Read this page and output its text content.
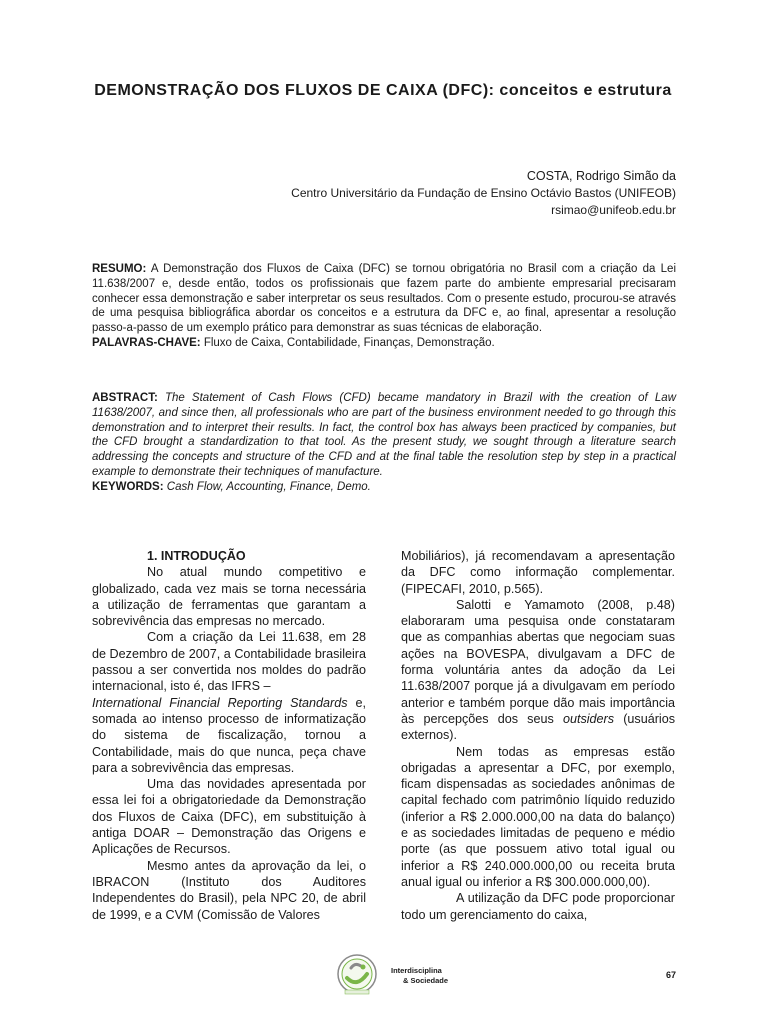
DEMONSTRAÇÃO DOS FLUXOS DE CAIXA (DFC): conceitos e estrutura
COSTA, Rodrigo Simão da
Centro Universitário da Fundação de Ensino Octávio Bastos (UNIFEOB)
rsimao@unifeob.edu.br

RESUMO: A Demonstração dos Fluxos de Caixa (DFC) se tornou obrigatória no Brasil com a criação da Lei 11.638/2007 e, desde então, todos os profissionais que fazem parte do ambiente empresarial precisaram conhecer essa demonstração e saber interpretar os seus resultados. Com o presente estudo, procurou-se através de uma pesquisa bibliográfica abordar os conceitos e a estrutura da DFC e, ao final, apresentar a resolução passo-a-passo de um exemplo prático para demonstrar as suas técnicas de elaboração.

PALAVRAS-CHAVE: Fluxo de Caixa, Contabilidade, Finanças, Demonstração.

ABSTRACT: The Statement of Cash Flows (CFD) became mandatory in Brazil with the creation of Law 11638/2007, and since then, all professionals who are part of the business environment needed to go through this demonstration and to interpret their results. In fact, the control box has always been practiced by companies, but the CFD brought a standardization to that tool. As the present study, we sought through a literature search addressing the concepts and structure of the CFD and at the final table the resolution step by step in a practical example to demonstrate their techniques of manufacture.

KEYWORDS: Cash Flow, Accounting, Finance, Demo.

1. INTRODUÇÃO

No atual mundo competitivo e globalizado, cada vez mais se torna necessária a utilização de ferramentas que garantam a sobrevivência das empresas no mercado.

Com a criação da Lei 11.638, em 28 de Dezembro de 2007, a Contabilidade brasileira passou a ser convertida nos moldes do padrão internacional, isto é, das IFRS –
International Financial Reporting Standards e, somada ao intenso processo de informatização do sistema de fiscalização, tornou a Contabilidade, mais do que nunca, peça chave para a sobrevivência das empresas.

Uma das novidades apresentada por essa lei foi a obrigatoriedade da Demonstração dos Fluxos de Caixa (DFC), em substituição à antiga DOAR – Demonstração das Origens e Aplicações de Recursos.

Mesmo antes da aprovação da lei, o IBRACON (Instituto dos Auditores Independentes do Brasil), pela NPC 20, de abril de 1999, e a CVM (Comissão de Valores

Mobiliários), já recomendavam a apresentação da DFC como informação complementar. (FIPECAFI, 2010, p.565).

Salotti e Yamamoto (2008, p.48) elaboraram uma pesquisa onde constataram que as companhias abertas que negociam suas ações na BOVESPA, divulgavam a DFC de forma voluntária antes da adoção da Lei 11.638/2007 porque já a divulgavam em período anterior e também porque dão mais importância às percepções dos seus outsiders (usuários externos).

Nem todas as empresas estão obrigadas a apresentar a DFC, por exemplo, ficam dispensadas as sociedades anônimas de capital fechado com patrimônio líquido reduzido (inferior a R$ 2.000.000,00 na data do balanço) e as sociedades limitadas de pequeno e médio porte (as que possuem ativo total igual ou inferior a R$ 240.000.000,00 ou receita bruta anual igual ou inferior a R$ 300.000.000,00).

A utilização da DFC pode proporcionar todo um gerenciamento do caixa,

Interdisciplina
& Sociedade
67
